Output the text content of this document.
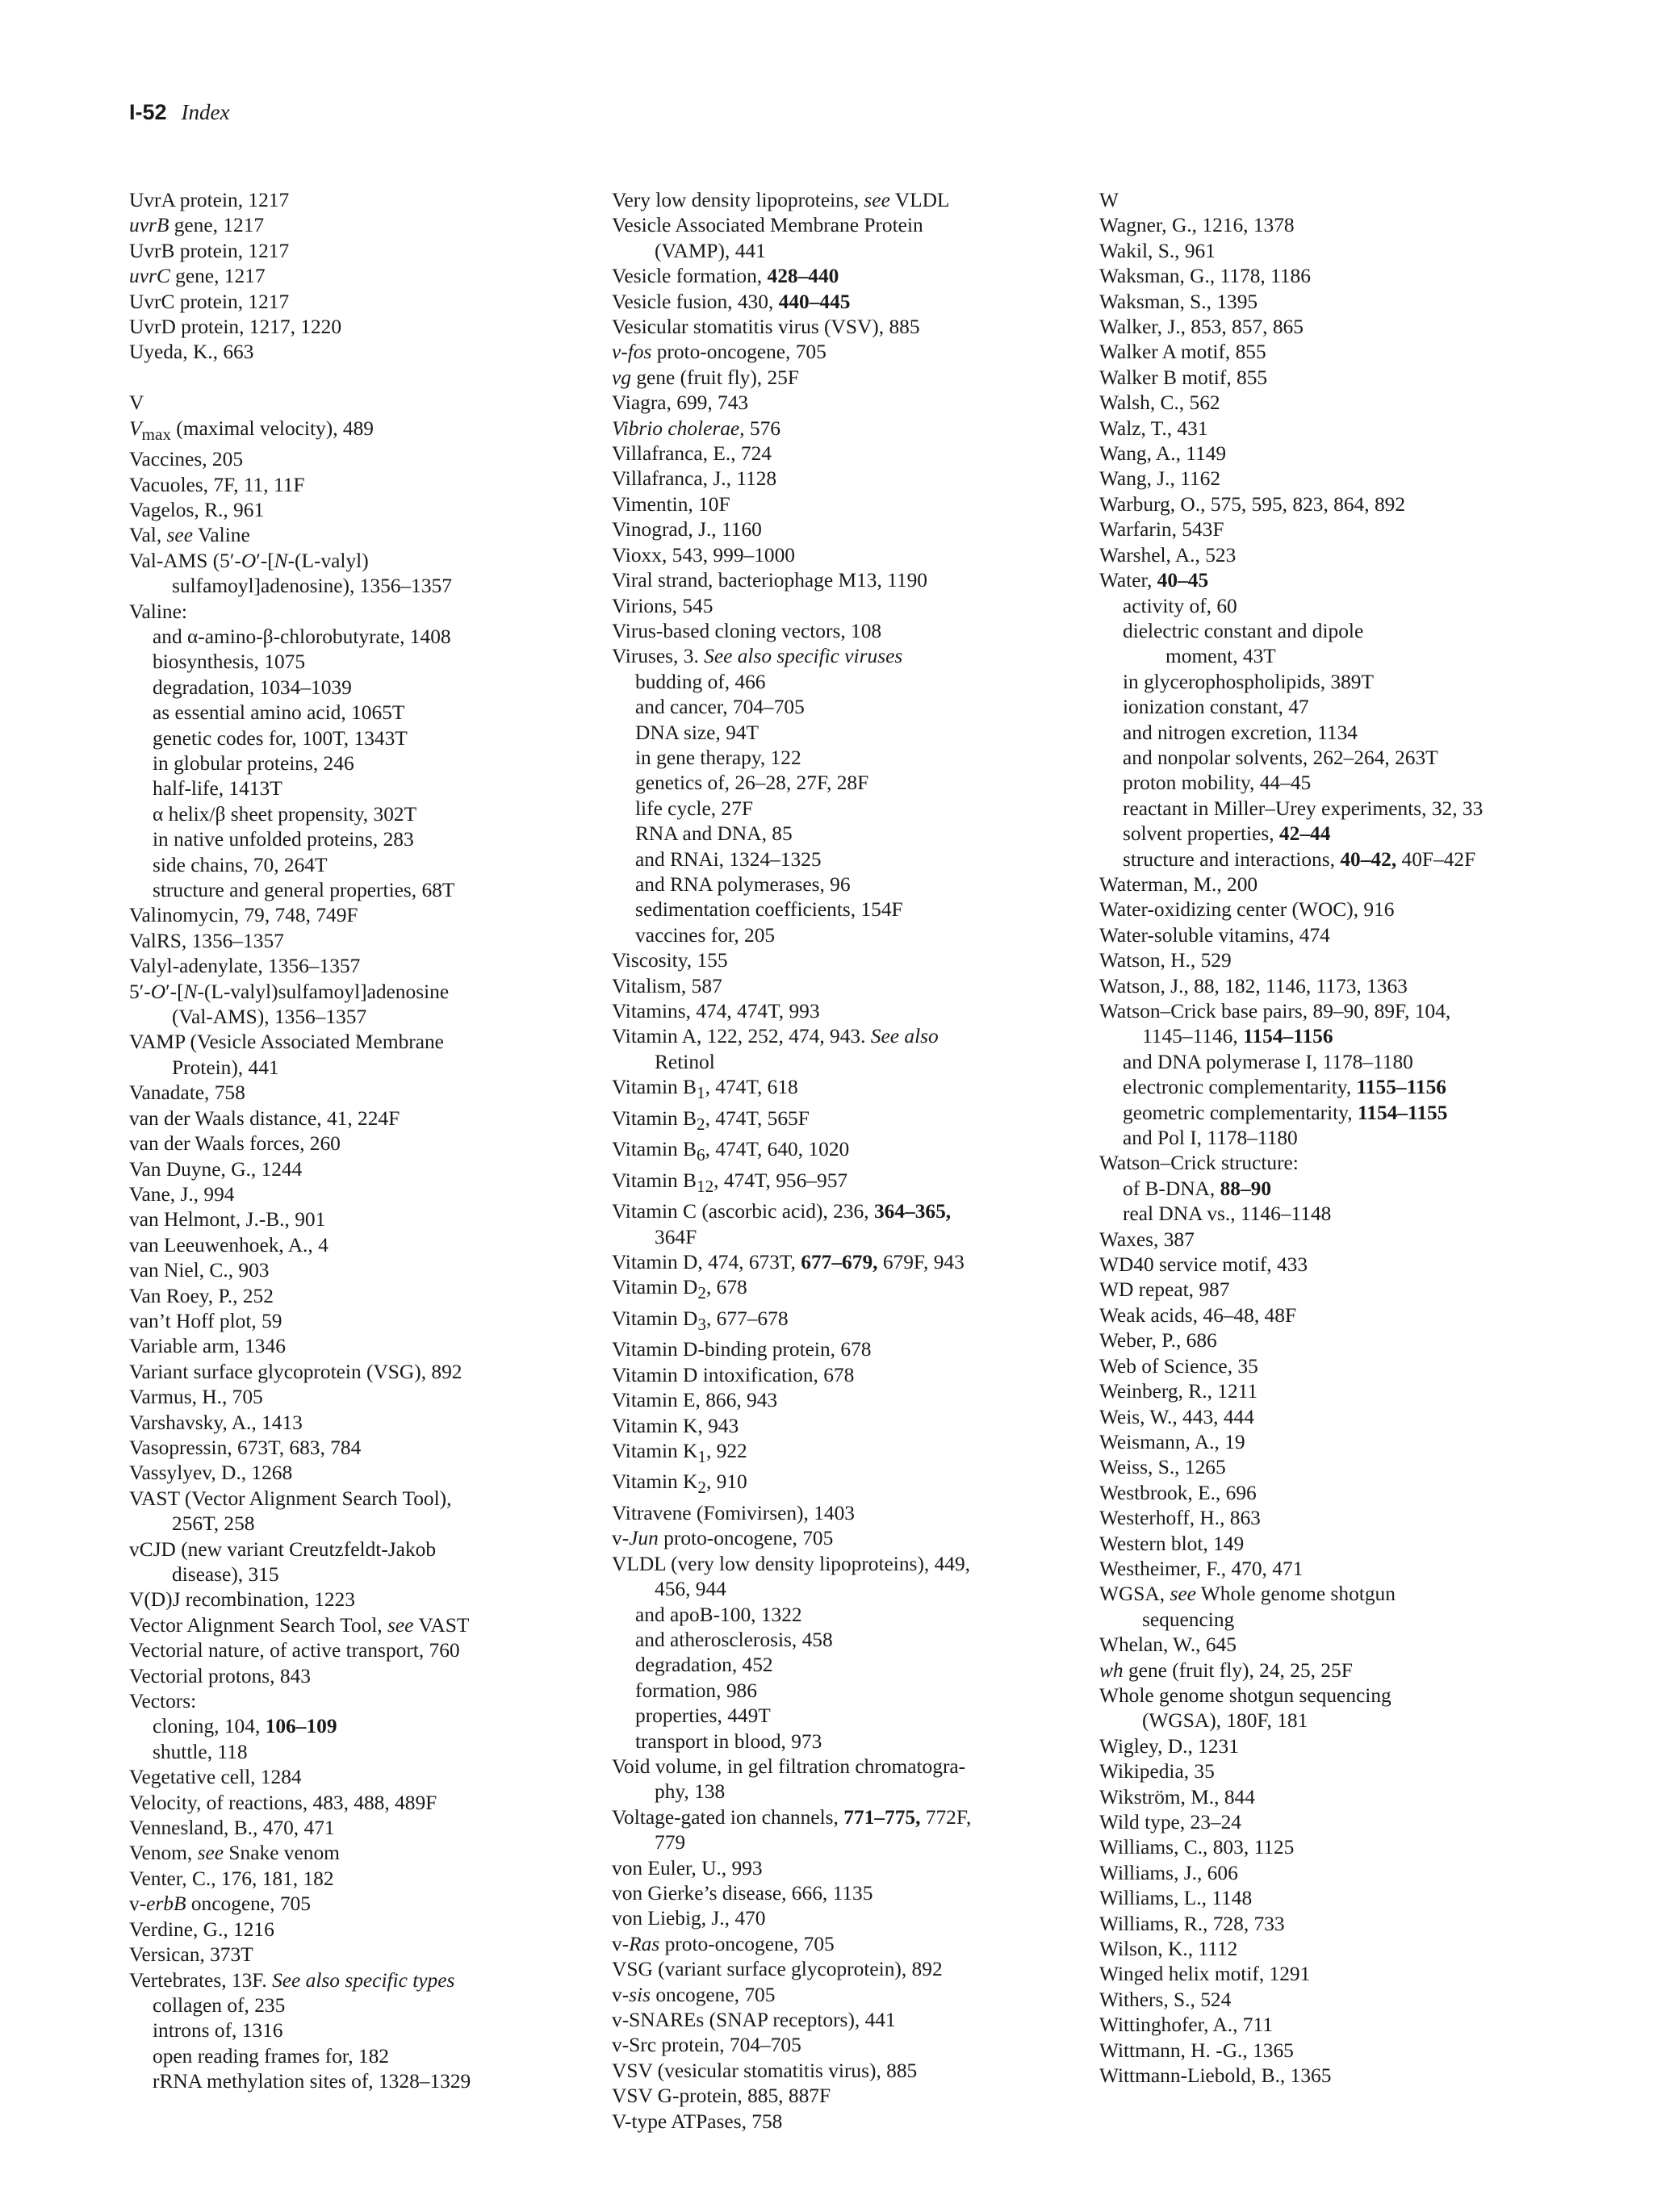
I-52 Index
UvrA protein, 1217
uvrB gene, 1217
UvrB protein, 1217
uvrC gene, 1217
UvrC protein, 1217
UvrD protein, 1217, 1220
Uyeda, K., 663
V
$V_{max}$ (maximal velocity), 489
Vaccines, 205
Vacuoles, 7F, 11, 11F
Vagelos, R., 961
Val, see Valine
Val-AMS (5′-O′-[N-(L-valyl)
sulfamoyl]adenosine), 1356–1357
Valine:
and α-amino-β-chlorobutyrate, 1408
biosynthesis, 1075
degradation, 1034–1039
as essential amino acid, 1065T
genetic codes for, 100T, 1343T
in globular proteins, 246
half-life, 1413T
α helix/β sheet propensity, 302T
in native unfolded proteins, 283
side chains, 70, 264T
structure and general properties, 68T
Valinomycin, 79, 748, 749F
ValRS, 1356–1357
Valyl-adenylate, 1356–1357
5′-O′-[N-(L-valyl)sulfamoyl]adenosine
(Val-AMS), 1356–1357
VAMP (Vesicle Associated Membrane
Protein), 441
Vanadate, 758
van der Waals distance, 41, 224F
van der Waals forces, 260
Van Duyne, G., 1244
Vane, J., 994
van Helmont, J.-B., 901
van Leeuwenhoek, A., 4
van Niel, C., 903
Van Roey, P., 252
van’t Hoff plot, 59
Variable arm, 1346
Variant surface glycoprotein (VSG), 892
Varmus, H., 705
Varshavsky, A., 1413
Vasopressin, 673T, 683, 784
Vassylyev, D., 1268
VAST (Vector Alignment Search Tool),
256T, 258
vCJD (new variant Creutzfeldt-Jakob
disease), 315
V(D)J recombination, 1223
Vector Alignment Search Tool, see VAST
Vectorial nature, of active transport, 760
Vectorial protons, 843
Vectors:
cloning, 104, 106–109
shuttle, 118
Vegetative cell, 1284
Velocity, of reactions, 483, 488, 489F
Vennesland, B., 470, 471
Venom, see Snake venom
Venter, C., 176, 181, 182
v-erbB oncogene, 705
Verdine, G., 1216
Versican, 373T
Vertebrates, 13F. See also specific types
collagen of, 235
introns of, 1316
open reading frames for, 182
rRNA methylation sites of, 1328–1329
Very low density lipoproteins, see VLDL
Vesicle Associated Membrane Protein
(VAMP), 441
Vesicle formation, 428–440
Vesicle fusion, 430, 440–445
Vesicular stomatitis virus (VSV), 885
v-fos proto-oncogene, 705
vg gene (fruit fly), 25F
Viagra, 699, 743
Vibrio cholerae, 576
Villafranca, E., 724
Villafranca, J., 1128
Vimentin, 10F
Vinograd, J., 1160
Vioxx, 543, 999–1000
Viral strand, bacteriophage M13, 1190
Virions, 545
Virus-based cloning vectors, 108
Viruses, 3. See also specific viruses
budding of, 466
and cancer, 704–705
DNA size, 94T
in gene therapy, 122
genetics of, 26–28, 27F, 28F
life cycle, 27F
RNA and DNA, 85
and RNAi, 1324–1325
and RNA polymerases, 96
sedimentation coefficients, 154F
vaccines for, 205
Viscosity, 155
Vitalism, 587
Vitamins, 474, 474T, 993
Vitamin A, 122, 252, 474, 943. See also
Retinol
Vitamin $B_1$, 474T, 618
Vitamin $B_2$, 474T, 565F
Vitamin $B_6$, 474T, 640, 1020
Vitamin $B_{12}$, 474T, 956–957
Vitamin C (ascorbic acid), 236, 364–365,
364F
Vitamin D, 474, 673T, 677–679, 679F, 943
Vitamin $D_2$, 678
Vitamin $D_3$, 677–678
Vitamin D-binding protein, 678
Vitamin D intoxification, 678
Vitamin E, 866, 943
Vitamin K, 943
Vitamin $K_1$, 922
Vitamin $K_2$, 910
Vitravene (Fomivirsen), 1403
v-Jun proto-oncogene, 705
VLDL (very low density lipoproteins), 449,
456, 944
and apoB-100, 1322
and atherosclerosis, 458
degradation, 452
formation, 986
properties, 449T
transport in blood, 973
Void volume, in gel filtration chromatogra-
phy, 138
Voltage-gated ion channels, 771–775, 772F,
779
von Euler, U., 993
von Gierke’s disease, 666, 1135
von Liebig, J., 470
v-Ras proto-oncogene, 705
VSG (variant surface glycoprotein), 892
v-sis oncogene, 705
v-SNAREs (SNAP receptors), 441
v-Src protein, 704–705
VSV (vesicular stomatitis virus), 885
VSV G-protein, 885, 887F
V-type ATPases, 758
W
Wagner, G., 1216, 1378
Wakil, S., 961
Waksman, G., 1178, 1186
Waksman, S., 1395
Walker, J., 853, 857, 865
Walker A motif, 855
Walker B motif, 855
Walsh, C., 562
Walz, T., 431
Wang, A., 1149
Wang, J., 1162
Warburg, O., 575, 595, 823, 864, 892
Warfarin, 543F
Warshel, A., 523
Water, 40–45
activity of, 60
dielectric constant and dipole
moment, 43T
in glycerophospholipids, 389T
ionization constant, 47
and nitrogen excretion, 1134
and nonpolar solvents, 262–264, 263T
proton mobility, 44–45
reactant in Miller–Urey experiments, 32, 33
solvent properties, 42–44
structure and interactions, 40–42, 40F–42F
Waterman, M., 200
Water-oxidizing center (WOC), 916
Water-soluble vitamins, 474
Watson, H., 529
Watson, J., 88, 182, 1146, 1173, 1363
Watson–Crick base pairs, 89–90, 89F, 104,
1145–1146, 1154–1156
and DNA polymerase I, 1178–1180
electronic complementarity, 1155–1156
geometric complementarity, 1154–1155
and Pol I, 1178–1180
Watson–Crick structure:
of B-DNA, 88–90
real DNA vs., 1146–1148
Waxes, 387
WD40 service motif, 433
WD repeat, 987
Weak acids, 46–48, 48F
Weber, P., 686
Web of Science, 35
Weinberg, R., 1211
Weis, W., 443, 444
Weismann, A., 19
Weiss, S., 1265
Westbrook, E., 696
Westerhoff, H., 863
Western blot, 149
Westheimer, F., 470, 471
WGSA, see Whole genome shotgun
sequencing
Whelan, W., 645
wh gene (fruit fly), 24, 25, 25F
Whole genome shotgun sequencing
(WGSA), 180F, 181
Wigley, D., 1231
Wikipedia, 35
Wikström, M., 844
Wild type, 23–24
Williams, C., 803, 1125
Williams, J., 606
Williams, L., 1148
Williams, R., 728, 733
Wilson, K., 1112
Winged helix motif, 1291
Withers, S., 524
Wittinghofer, A., 711
Wittmann, H. -G., 1365
Wittmann-Liebold, B., 1365
